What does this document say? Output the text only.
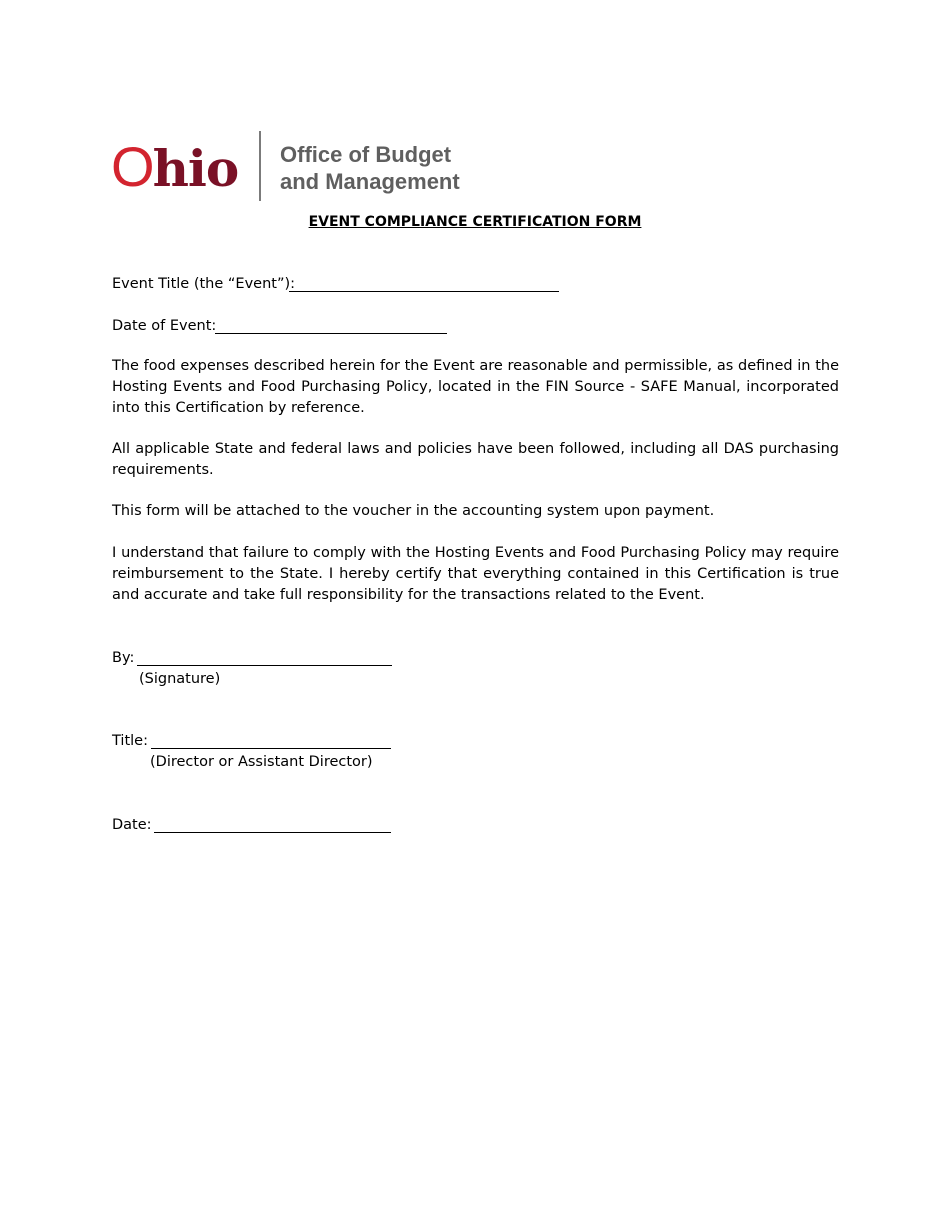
Ohio Office of Budget
and Management
EVENT COMPLIANCE CERTIFICATION FORM
Event Title (the “Event”):
Date of Event:

The food expenses described herein for the Event are reasonable and permissible, as defined in the Hosting Events and Food Purchasing Policy, located in the FIN Source - SAFE Manual, incorporated into this Certification by reference.

All applicable State and federal laws and policies have been followed, including all DAS purchasing requirements.

This form will be attached to the voucher in the accounting system upon payment.

I understand that failure to comply with the Hosting Events and Food Purchasing Policy may require reimbursement to the State. I hereby certify that everything contained in this Certification is true and accurate and take full responsibility for the transactions related to the Event.

By:
(Signature)
Title:
(Director or Assistant Director)
Date:
